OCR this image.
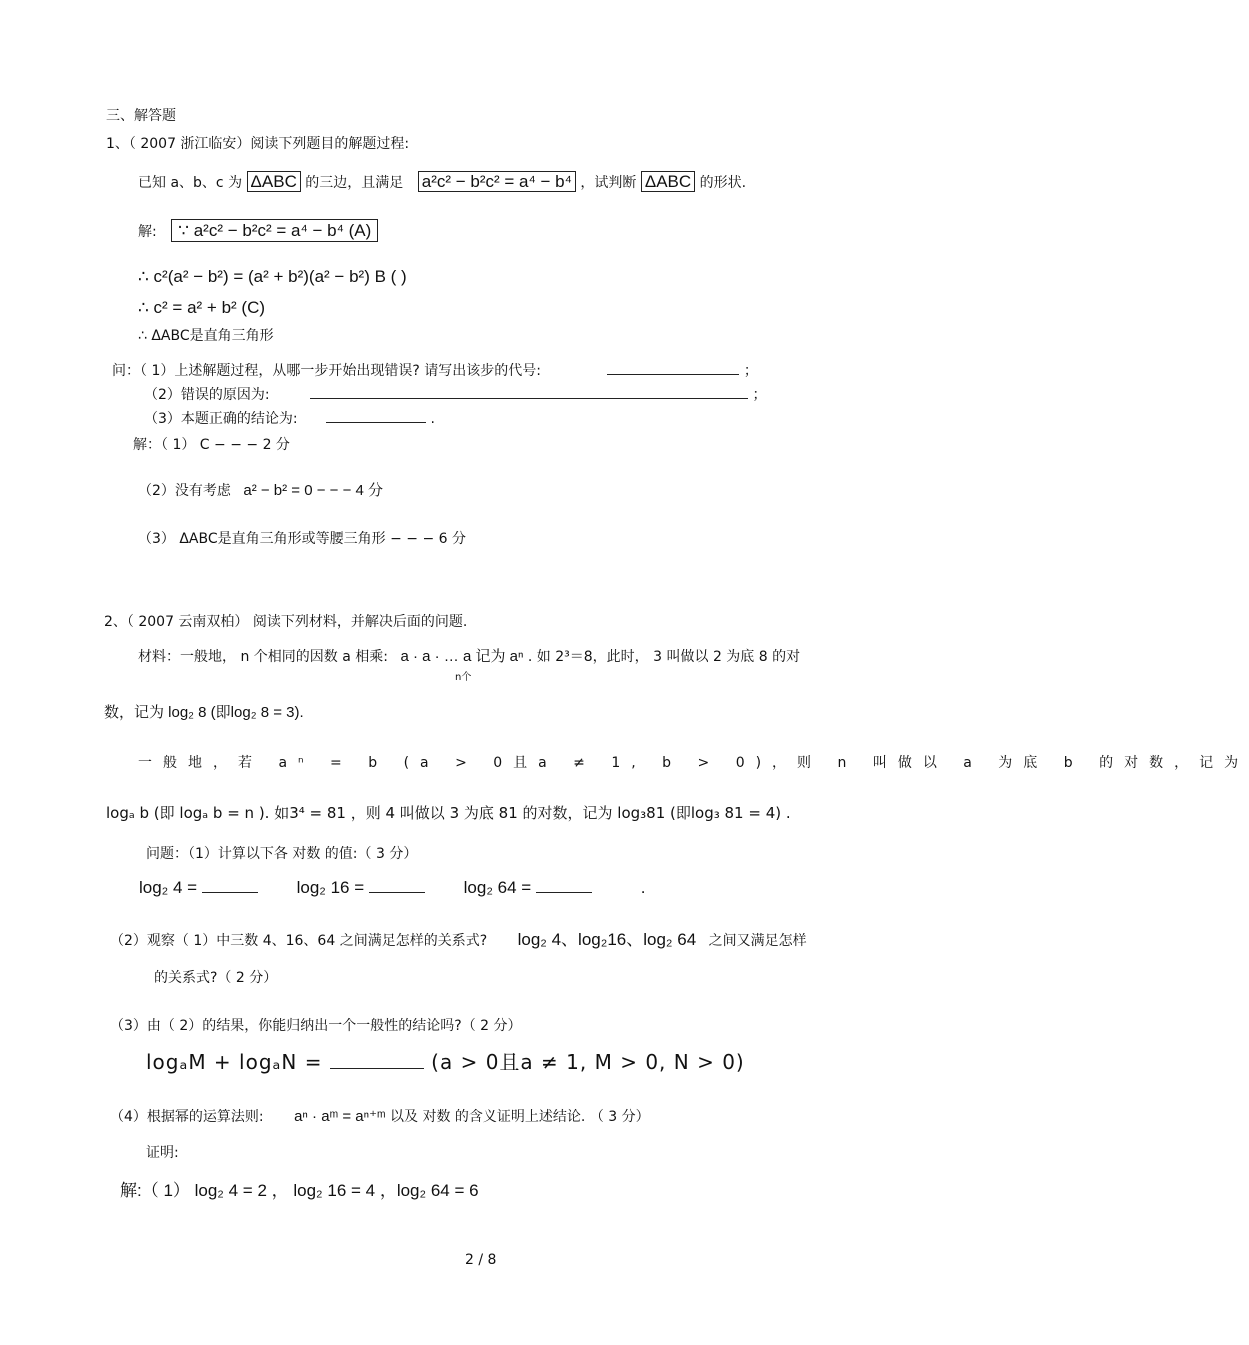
三、解答题
1、（ 2007 浙江临安）阅读下列题目的解题过程:
已知 a、b、c 为 ΔABC 的三边，且满足 a²c² − b²c² = a⁴ − b⁴ ，试判断 ΔABC 的形状.
解: ∵ a²c² − b²c² = a⁴ − b⁴ (A)
∴ c²(a² − b²) = (a² + b²)(a² − b²) B ( )
∴ c² = a² + b² (C)
∴ ΔABC是直角三角形
问：（ 1）上述解题过程，从哪一步开始出现错误? 请写出该步的代号:	；
（2）错误的原因为:	；
（3）本题正确的结论为:	.
解：（ 1） C − − − 2 分
（2）没有考虑 a² − b² = 0 − − − 4 分
（3） ΔABC是直角三角形或等腰三角形 − − − 6 分
2、（ 2007 云南双柏） 阅读下列材料，并解决后面的问题.
材料：一般地， n 个相同的因数 a 相乘: a · a · … a 记为 aⁿ . 如 2³＝8，此时， 3 叫做以 2 为底 8 的对
n个
数，记为 log₂ 8 (即log₂ 8 = 3).
一般地，若 aⁿ = b (a > 0且a ≠ 1, b > 0)，则 n 叫做以 a 为底 b 的对数，记为
logₐ b (即 logₐ b = n ). 如3⁴ = 81 ，则 4 叫做以 3 为底 81 的对数，记为 log₃81 (即log₃ 81 = 4) .
问题：（1）计算以下各 对数 的值:（ 3 分）
log₂ 4 =	log₂ 16 =	log₂ 64 =	.
（2）观察（ 1）中三数 4、16、64 之间满足怎样的关系式? log₂ 4、log₂16、log₂ 64 之间又满足怎样
的关系式?（ 2 分）
（3）由（ 2）的结果，你能归纳出一个一般性的结论吗?（ 2 分）
logₐM + logₐN =	(a > 0且a ≠ 1, M > 0, N > 0)
（4）根据幂的运算法则: aⁿ · aᵐ = aⁿ⁺ᵐ 以及 对数 的含义证明上述结论. （ 3 分）
证明:
解:（ 1） log₂ 4 = 2 ， log₂ 16 = 4 ，log₂ 64 = 6
2 / 8
